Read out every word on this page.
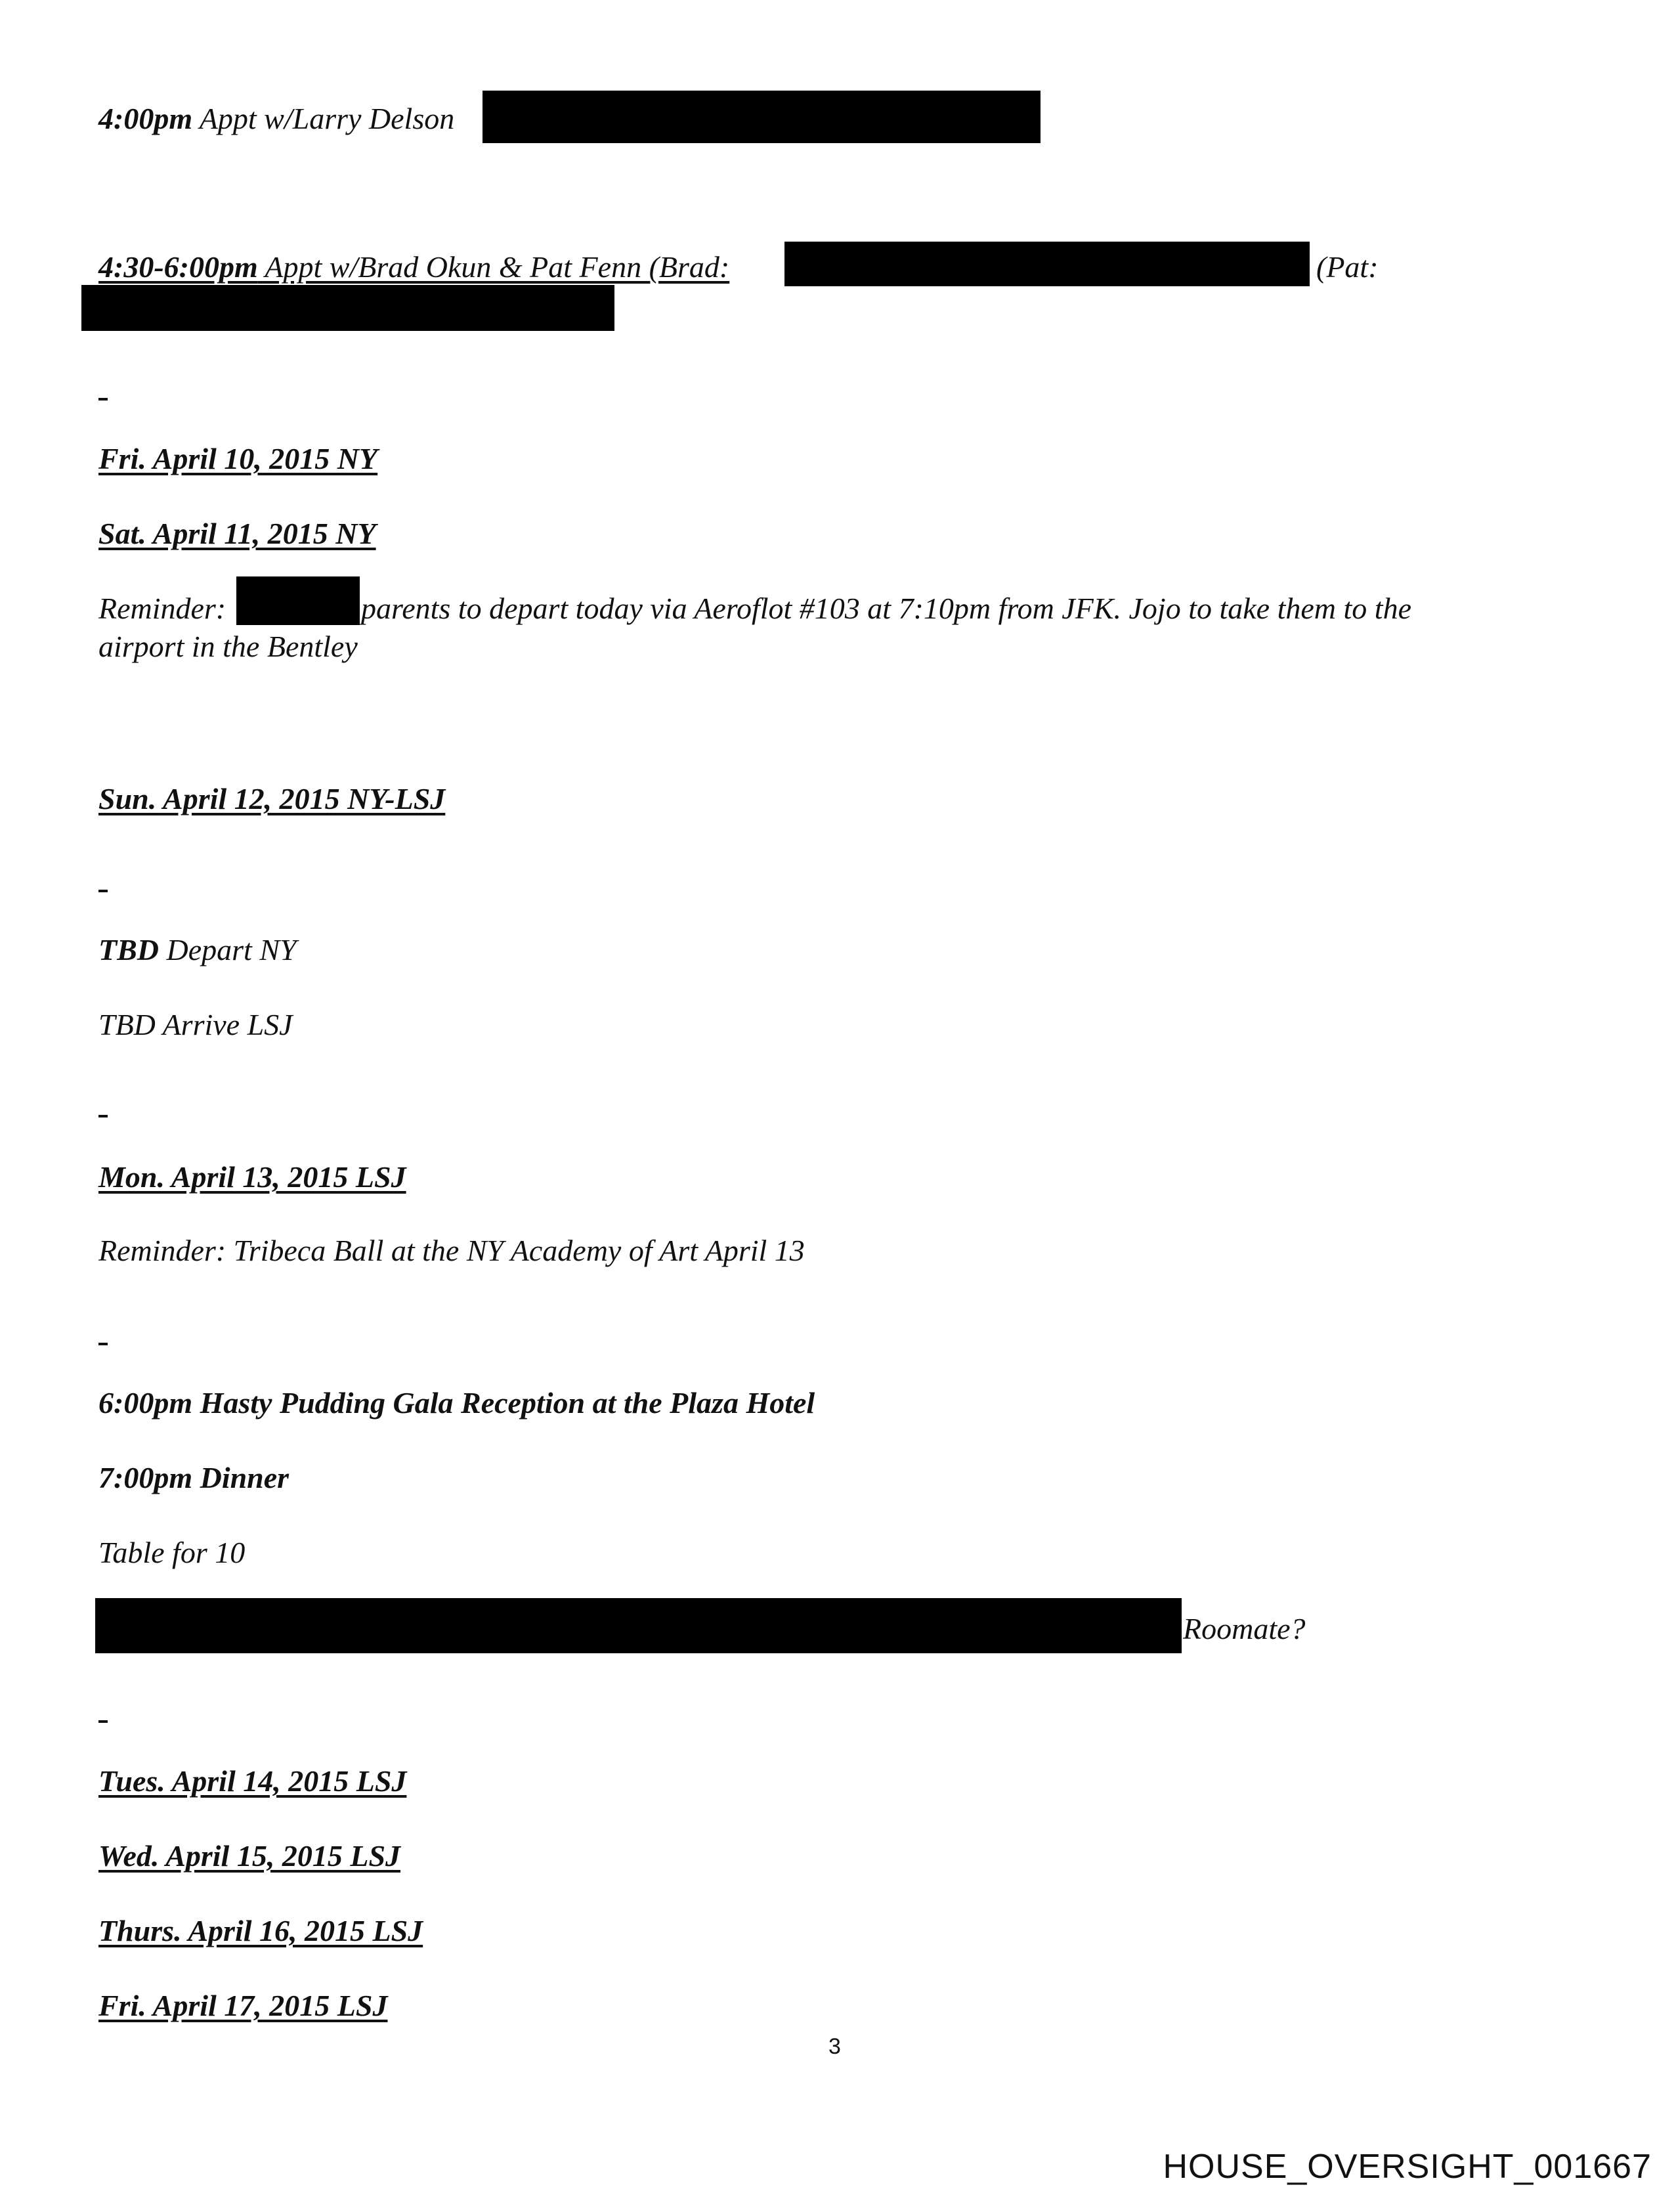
4:00pm Appt w/Larry Delson
4:30-6:00pm Appt w/Brad Okun & Pat Fenn (Brad:	(Pat:
Fri. April 10, 2015 NY
Sat. April 11, 2015 NY
Reminder:	parents to depart today via Aeroflot #103 at 7:10pm from JFK. Jojo to take them to the
airport in the Bentley
Sun. April 12, 2015 NY-LSJ
TBD Depart NY
TBD Arrive LSJ
Mon. April 13, 2015 LSJ
Reminder: Tribeca Ball at the NY Academy of Art April 13
6:00pm Hasty Pudding Gala Reception at the Plaza Hotel
7:00pm Dinner
Table for 10
Roomate?
Tues. April 14, 2015 LSJ
Wed. April 15, 2015 LSJ
Thurs. April 16, 2015 LSJ
Fri. April 17, 2015 LSJ
3
HOUSE_OVERSIGHT_001667
